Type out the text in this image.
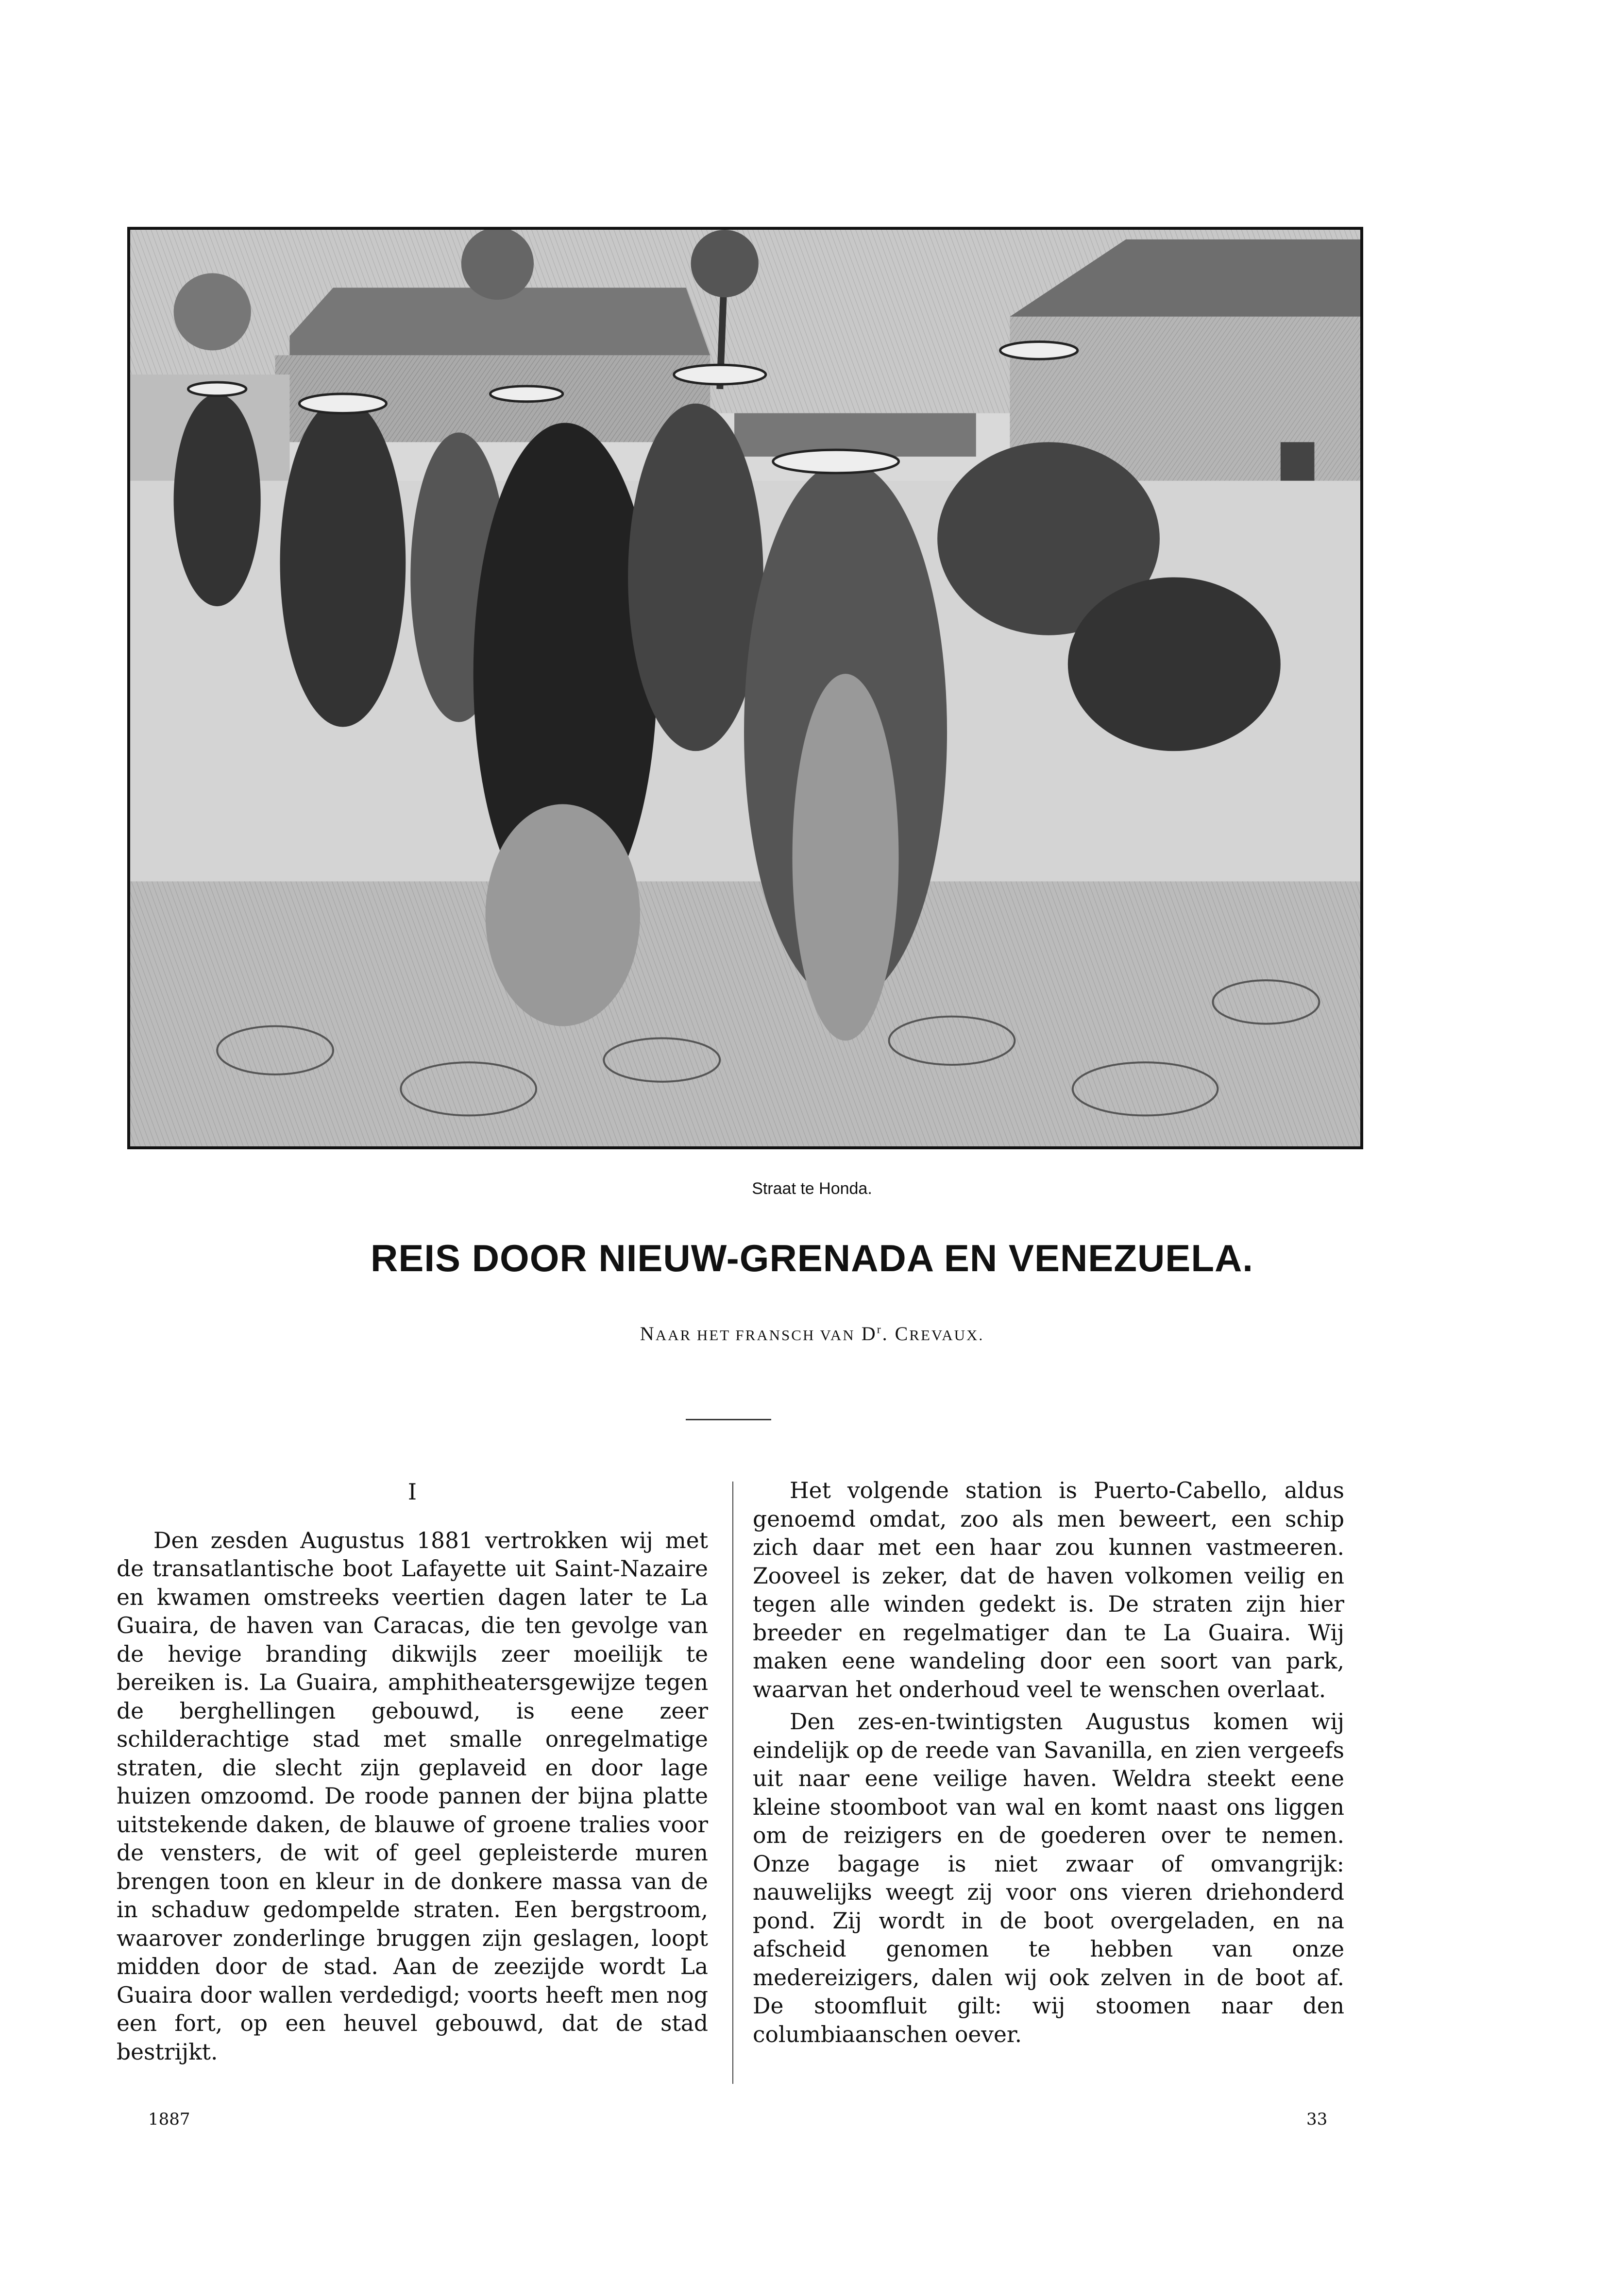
Straat te Honda.
REIS DOOR NIEUW-GRENADA EN VENEZUELA.
NAAR HET FRANSCH VAN $D^r$. CREVAUX.
I

Den zesden Augustus 1881 vertrokken wij met de transatlantische boot Lafayette uit Saint-Nazaire en kwamen omstreeks veertien dagen later te La Guaira, de haven van Caracas, die ten gevolge van de hevige branding dikwijls zeer moeilijk te bereiken is. La Guaira, amphitheatersgewijze tegen de berghellingen gebouwd, is eene zeer schilderachtige stad met smalle onregelmatige straten, die slecht zijn geplaveid en door lage huizen omzoomd. De roode pannen der bijna platte uitstekende daken, de blauwe of groene tralies voor de vensters, de wit of geel gepleisterde muren brengen toon en kleur in de donkere massa van de in schaduw gedompelde straten. Een bergstroom, waarover zonderlinge bruggen zijn geslagen, loopt midden door de stad. Aan de zeezijde wordt La Guaira door wallen verdedigd; voorts heeft men nog een fort, op een heuvel gebouwd, dat de stad bestrijkt.

Het volgende station is Puerto-Cabello, aldus genoemd omdat, zoo als men beweert, een schip zich daar met een haar zou kunnen vastmeeren. Zooveel is zeker, dat de haven volkomen veilig en tegen alle winden gedekt is. De straten zijn hier breeder en regelmatiger dan te La Guaira. Wij maken eene wandeling door een soort van park, waarvan het onderhoud veel te wenschen overlaat.

Den zes-en-twintigsten Augustus komen wij eindelijk op de reede van Savanilla, en zien vergeefs uit naar eene veilige haven. Weldra steekt eene kleine stoomboot van wal en komt naast ons liggen om de reizigers en de goederen over te nemen. Onze bagage is niet zwaar of omvangrijk: nauwelijks weegt zij voor ons vieren driehonderd pond. Zij wordt in de boot overgeladen, en na afscheid genomen te hebben van onze medereizigers, dalen wij ook zelven in de boot af. De stoomfluit gilt: wij stoomen naar den columbiaanschen oever.

1887	33
